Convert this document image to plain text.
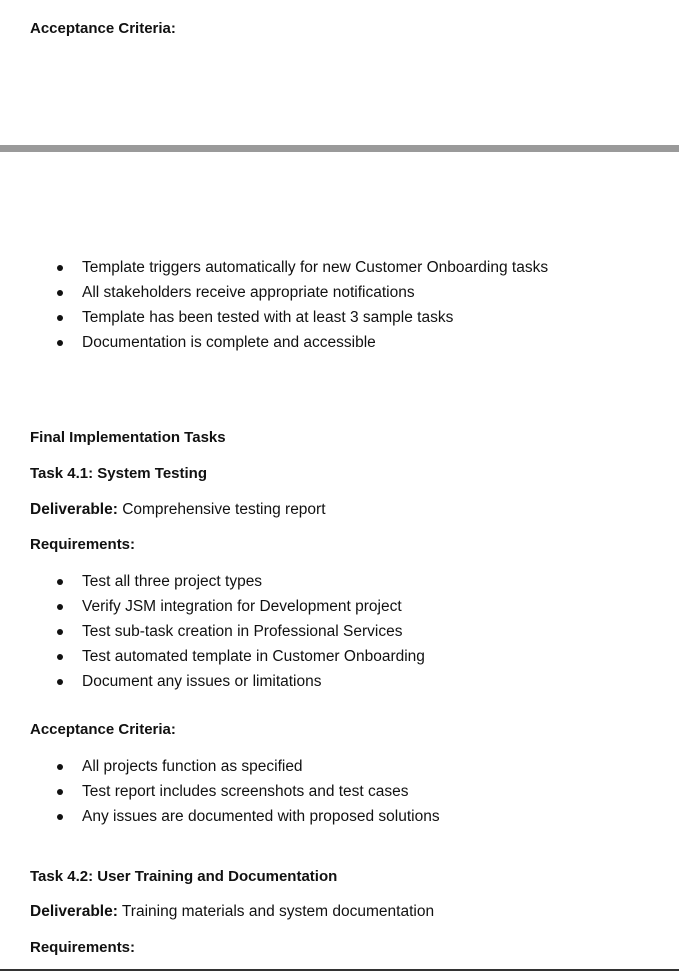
Acceptance Criteria:
Template triggers automatically for new Customer Onboarding tasks
All stakeholders receive appropriate notifications
Template has been tested with at least 3 sample tasks
Documentation is complete and accessible
Final Implementation Tasks
Task 4.1: System Testing
Deliverable: Comprehensive testing report
Requirements:
Test all three project types
Verify JSM integration for Development project
Test sub-task creation in Professional Services
Test automated template in Customer Onboarding
Document any issues or limitations
Acceptance Criteria:
All projects function as specified
Test report includes screenshots and test cases
Any issues are documented with proposed solutions
Task 4.2: User Training and Documentation
Deliverable: Training materials and system documentation
Requirements:
